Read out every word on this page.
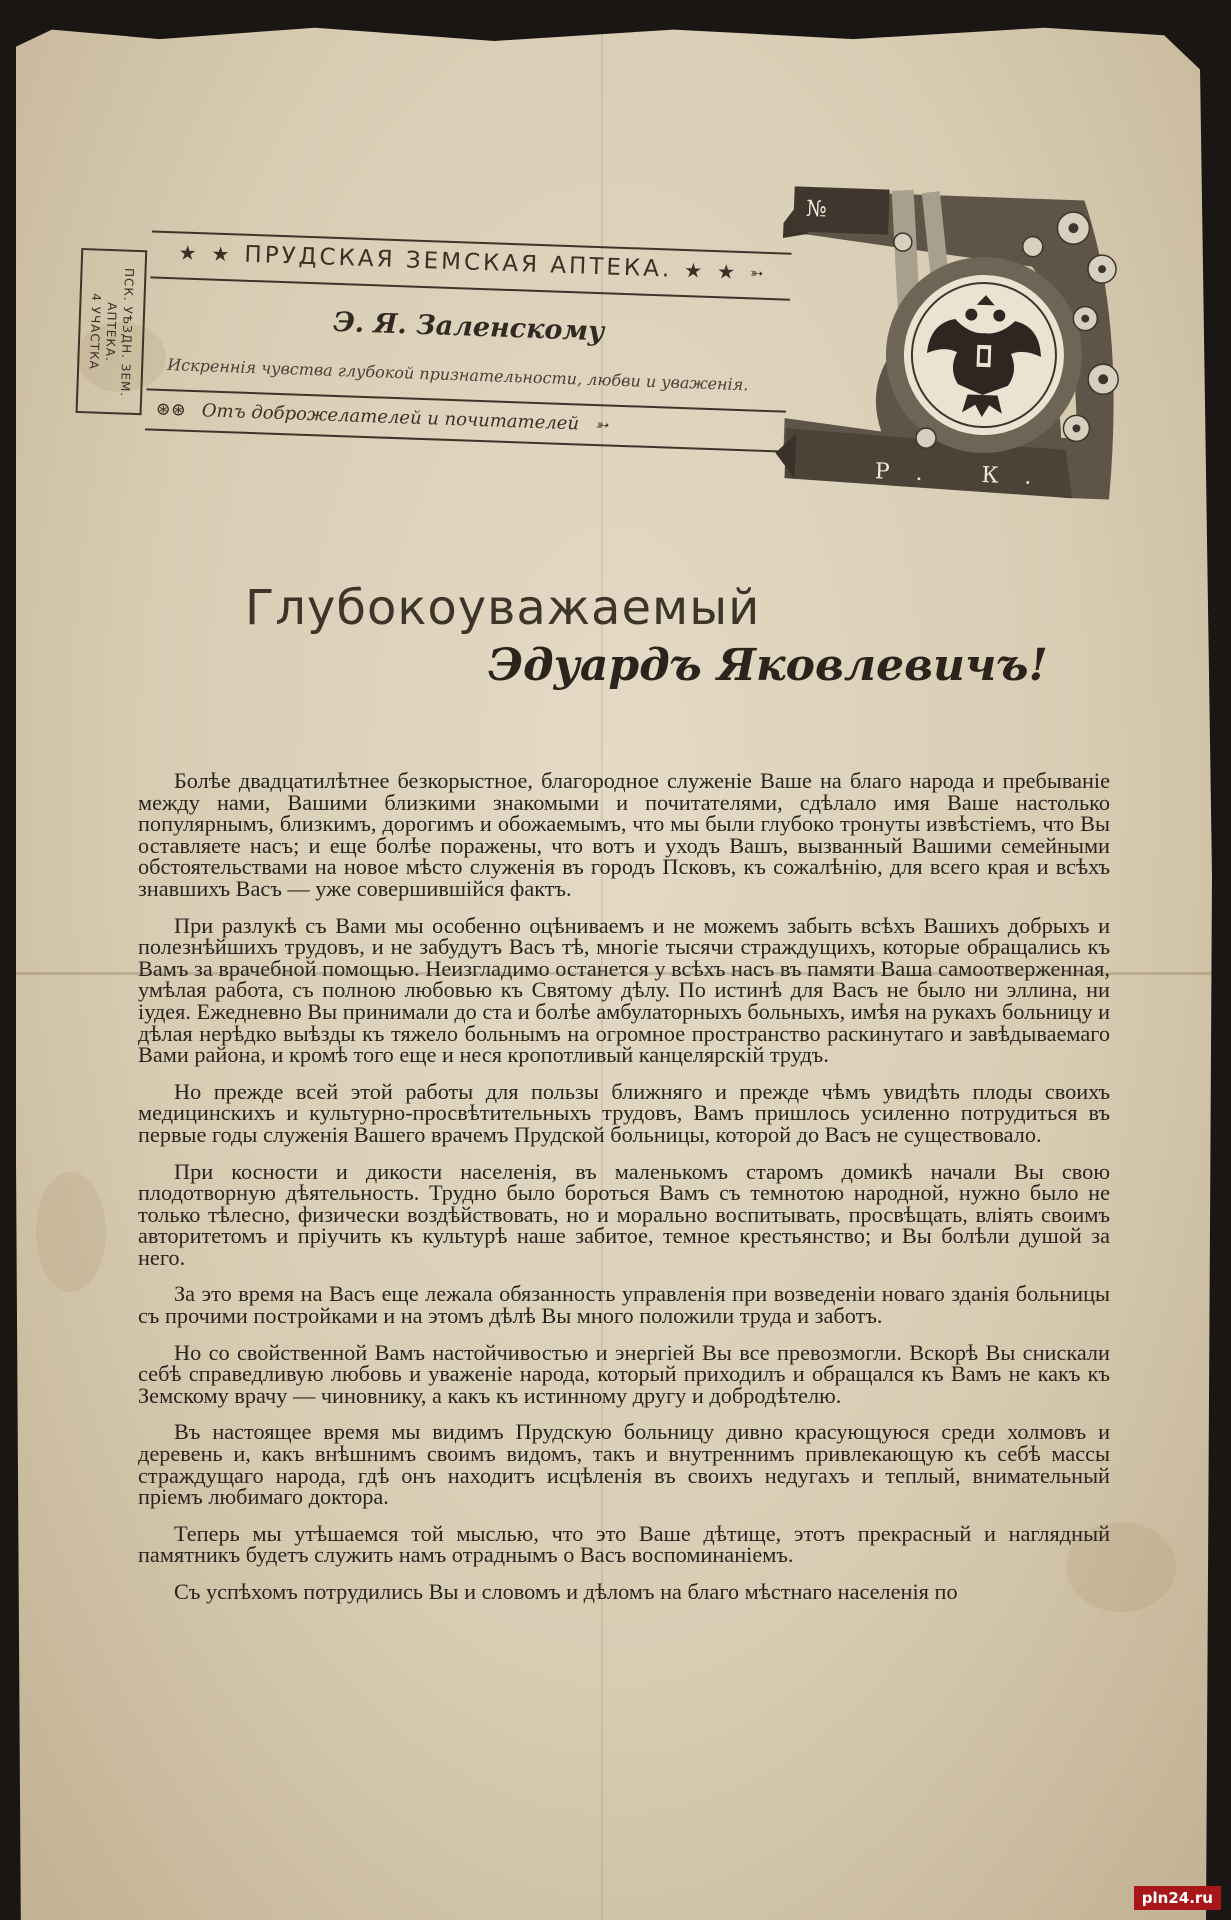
ПСК. УѢЗДН. ЗЕМ.
АПТЕКА.
4 УЧАСТКА
★ ★ ПРУДСКАЯ ЗЕМСКАЯ АПТЕКА. ★ ★ ➳
Э. Я. Заленскому
Искреннія чувства глубокой признательности, любви и уваженія.
⊛⊛ Отъ доброжелателей и почитателей ➳
№
Р. К.
Глубокоуважаемый
Эдуардъ Яковлевичъ!

Болѣе двадцатилѣтнее безкорыстное, благородное служеніе Ваше на благо народа и пребываніе между нами, Вашими близкими знакомыми и почитателями, сдѣлало имя Ваше настолько популярнымъ, близкимъ, дорогимъ и обожаемымъ, что мы были глубоко тронуты извѣстіемъ, что Вы оставляете насъ; и еще болѣе поражены, что вотъ и уходъ Вашъ, вызванный Вашими семейными обстоятельствами на новое мѣсто служенія въ городъ Псковъ, къ сожалѣнію, для всего края и всѣхъ знавшихъ Васъ — уже совершившійся фактъ.

При разлукѣ съ Вами мы особенно оцѣниваемъ и не можемъ забыть всѣхъ Вашихъ добрыхъ и полезнѣйшихъ трудовъ, и не забудутъ Васъ тѣ, многіе тысячи страждущихъ, которые обращались къ Вамъ за врачебной помощью. Неизгладимо останется у всѣхъ насъ въ памяти Ваша самоотверженная, умѣлая работа, съ полною любовью къ Святому дѣлу. По истинѣ для Васъ не было ни эллина, ни іудея. Ежедневно Вы принимали до ста и болѣе амбулаторныхъ больныхъ, имѣя на рукахъ больницу и дѣлая нерѣдко выѣзды къ тяжело больнымъ на огромное пространство раскинутаго и завѣдываемаго Вами района, и кромѣ того еще и неся кропотливый канцелярскій трудъ.

Но прежде всей этой работы для пользы ближняго и прежде чѣмъ увидѣть плоды своихъ медицинскихъ и культурно-просвѣтительныхъ трудовъ, Вамъ пришлось усиленно потрудиться въ первые годы служенія Вашего врачемъ Прудской больницы, которой до Васъ не существовало.

При косности и дикости населенія, въ маленькомъ старомъ домикѣ начали Вы свою плодотворную дѣятельность. Трудно было бороться Вамъ съ темнотою народной, нужно было не только тѣлесно, физически воздѣйствовать, но и морально воспитывать, просвѣщать, вліять своимъ авторитетомъ и пріучить къ культурѣ наше забитое, темное крестьянство; и Вы болѣли душой за него.

За это время на Васъ еще лежала обязанность управленія при возведеніи новаго зданія больницы съ прочими постройками и на этомъ дѣлѣ Вы много положили труда и заботъ.

Но со свойственной Вамъ настойчивостью и энергіей Вы все превозмогли. Вскорѣ Вы снискали себѣ справедливую любовь и уваженіе народа, который приходилъ и обращался къ Вамъ не какъ къ Земскому врачу — чиновнику, а какъ къ истинному другу и добродѣтелю.

Въ настоящее время мы видимъ Прудскую больницу дивно красующуюся среди холмовъ и деревень и, какъ внѣшнимъ своимъ видомъ, такъ и внутреннимъ привлекающую къ себѣ массы страждущаго народа, гдѣ онъ находитъ исцѣленія въ своихъ недугахъ и теплый, внимательный пріемъ любимаго доктора.

Теперь мы утѣшаемся той мыслью, что это Ваше дѣтище, этотъ прекрасный и наглядный памятникъ будетъ служить намъ отраднымъ о Васъ воспоминаніемъ.

Съ успѣхомъ потрудились Вы и словомъ и дѣломъ на благо мѣстнаго населенія по

pln24.ru
